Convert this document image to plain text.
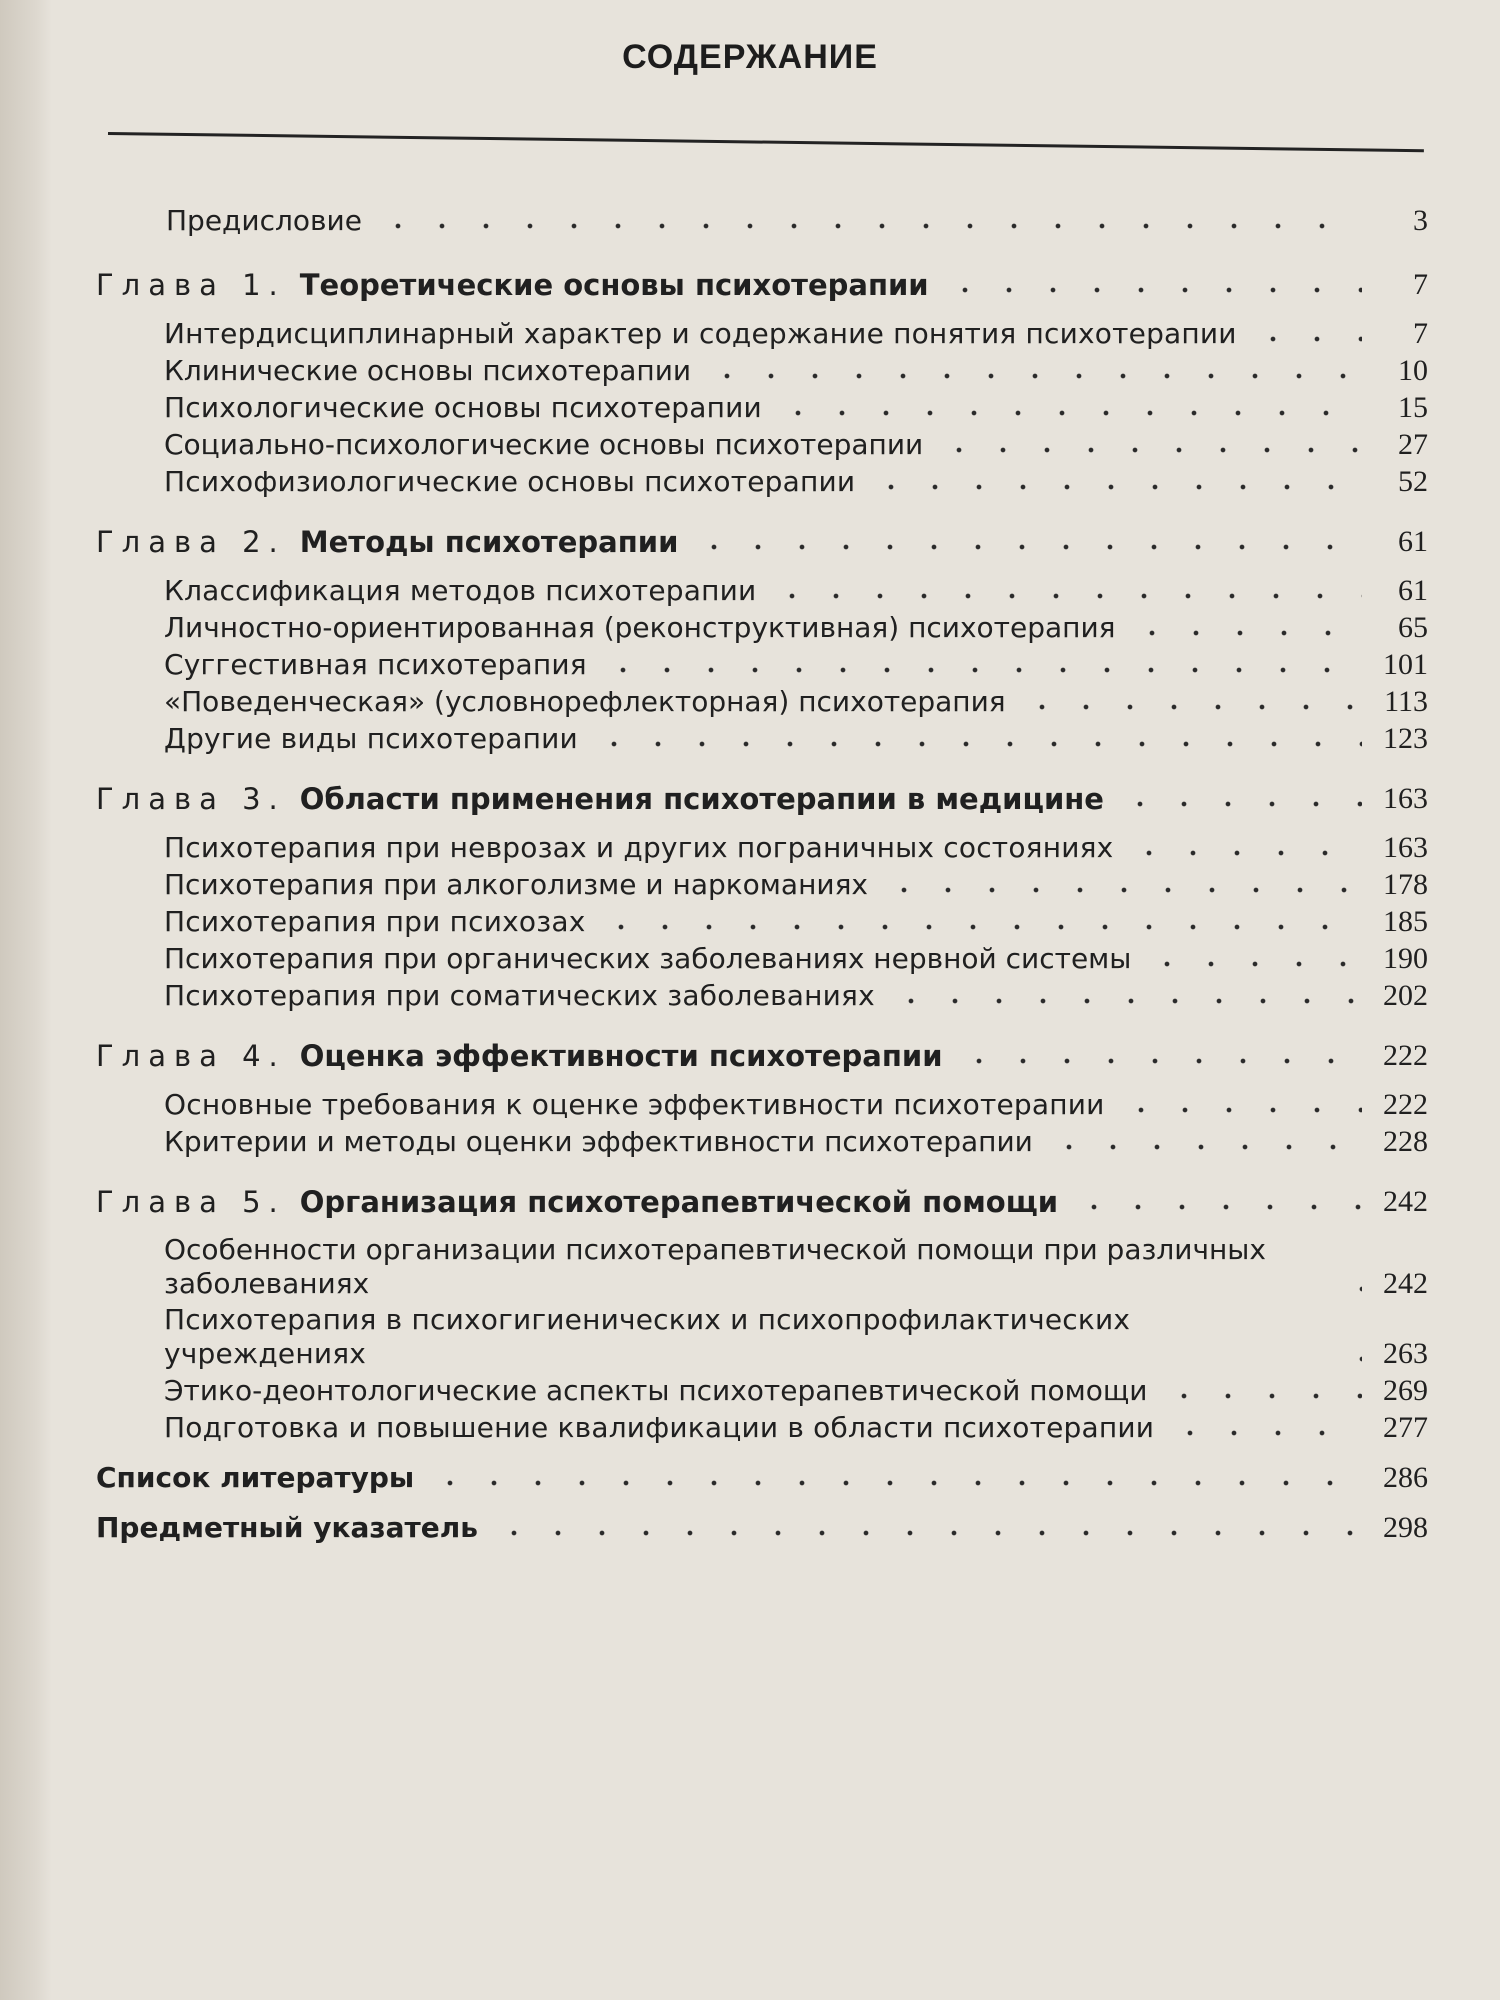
СОДЕРЖАНИЕ
Предисловие	3
Глава 1. Теоретические основы психотерапии	7
Интердисциплинарный характер и содержание понятия психотерапии	7
Клинические основы психотерапии	10
Психологические основы психотерапии	15
Социально-психологические основы психотерапии	27
Психофизиологические основы психотерапии	52
Глава 2. Методы психотерапии	61
Классификация методов психотерапии	61
Личностно-ориентированная (реконструктивная) психотерапия	65
Суггестивная психотерапия	101
«Поведенческая» (условнорефлекторная) психотерапия	113
Другие виды психотерапии	123
Глава 3. Области применения психотерапии в медицине	163
Психотерапия при неврозах и других пограничных состояниях	163
Психотерапия при алкоголизме и наркоманиях	178
Психотерапия при психозах	185
Психотерапия при органических заболеваниях нервной системы	190
Психотерапия при соматических заболеваниях	202
Глава 4. Оценка эффективности психотерапии	222
Основные требования к оценке эффективности психотерапии	222
Критерии и методы оценки эффективности психотерапии	228
Глава 5. Организация психотерапевтической помощи	242
Особенности организации психотерапевтической помощи при различных заболеваниях	242
Психотерапия в психогигиенических и психопрофилактических учреждениях	263
Этико-деонтологические аспекты психотерапевтической помощи	269
Подготовка и повышение квалификации в области психотерапии	277
Список литературы	286
Предметный указатель	298
